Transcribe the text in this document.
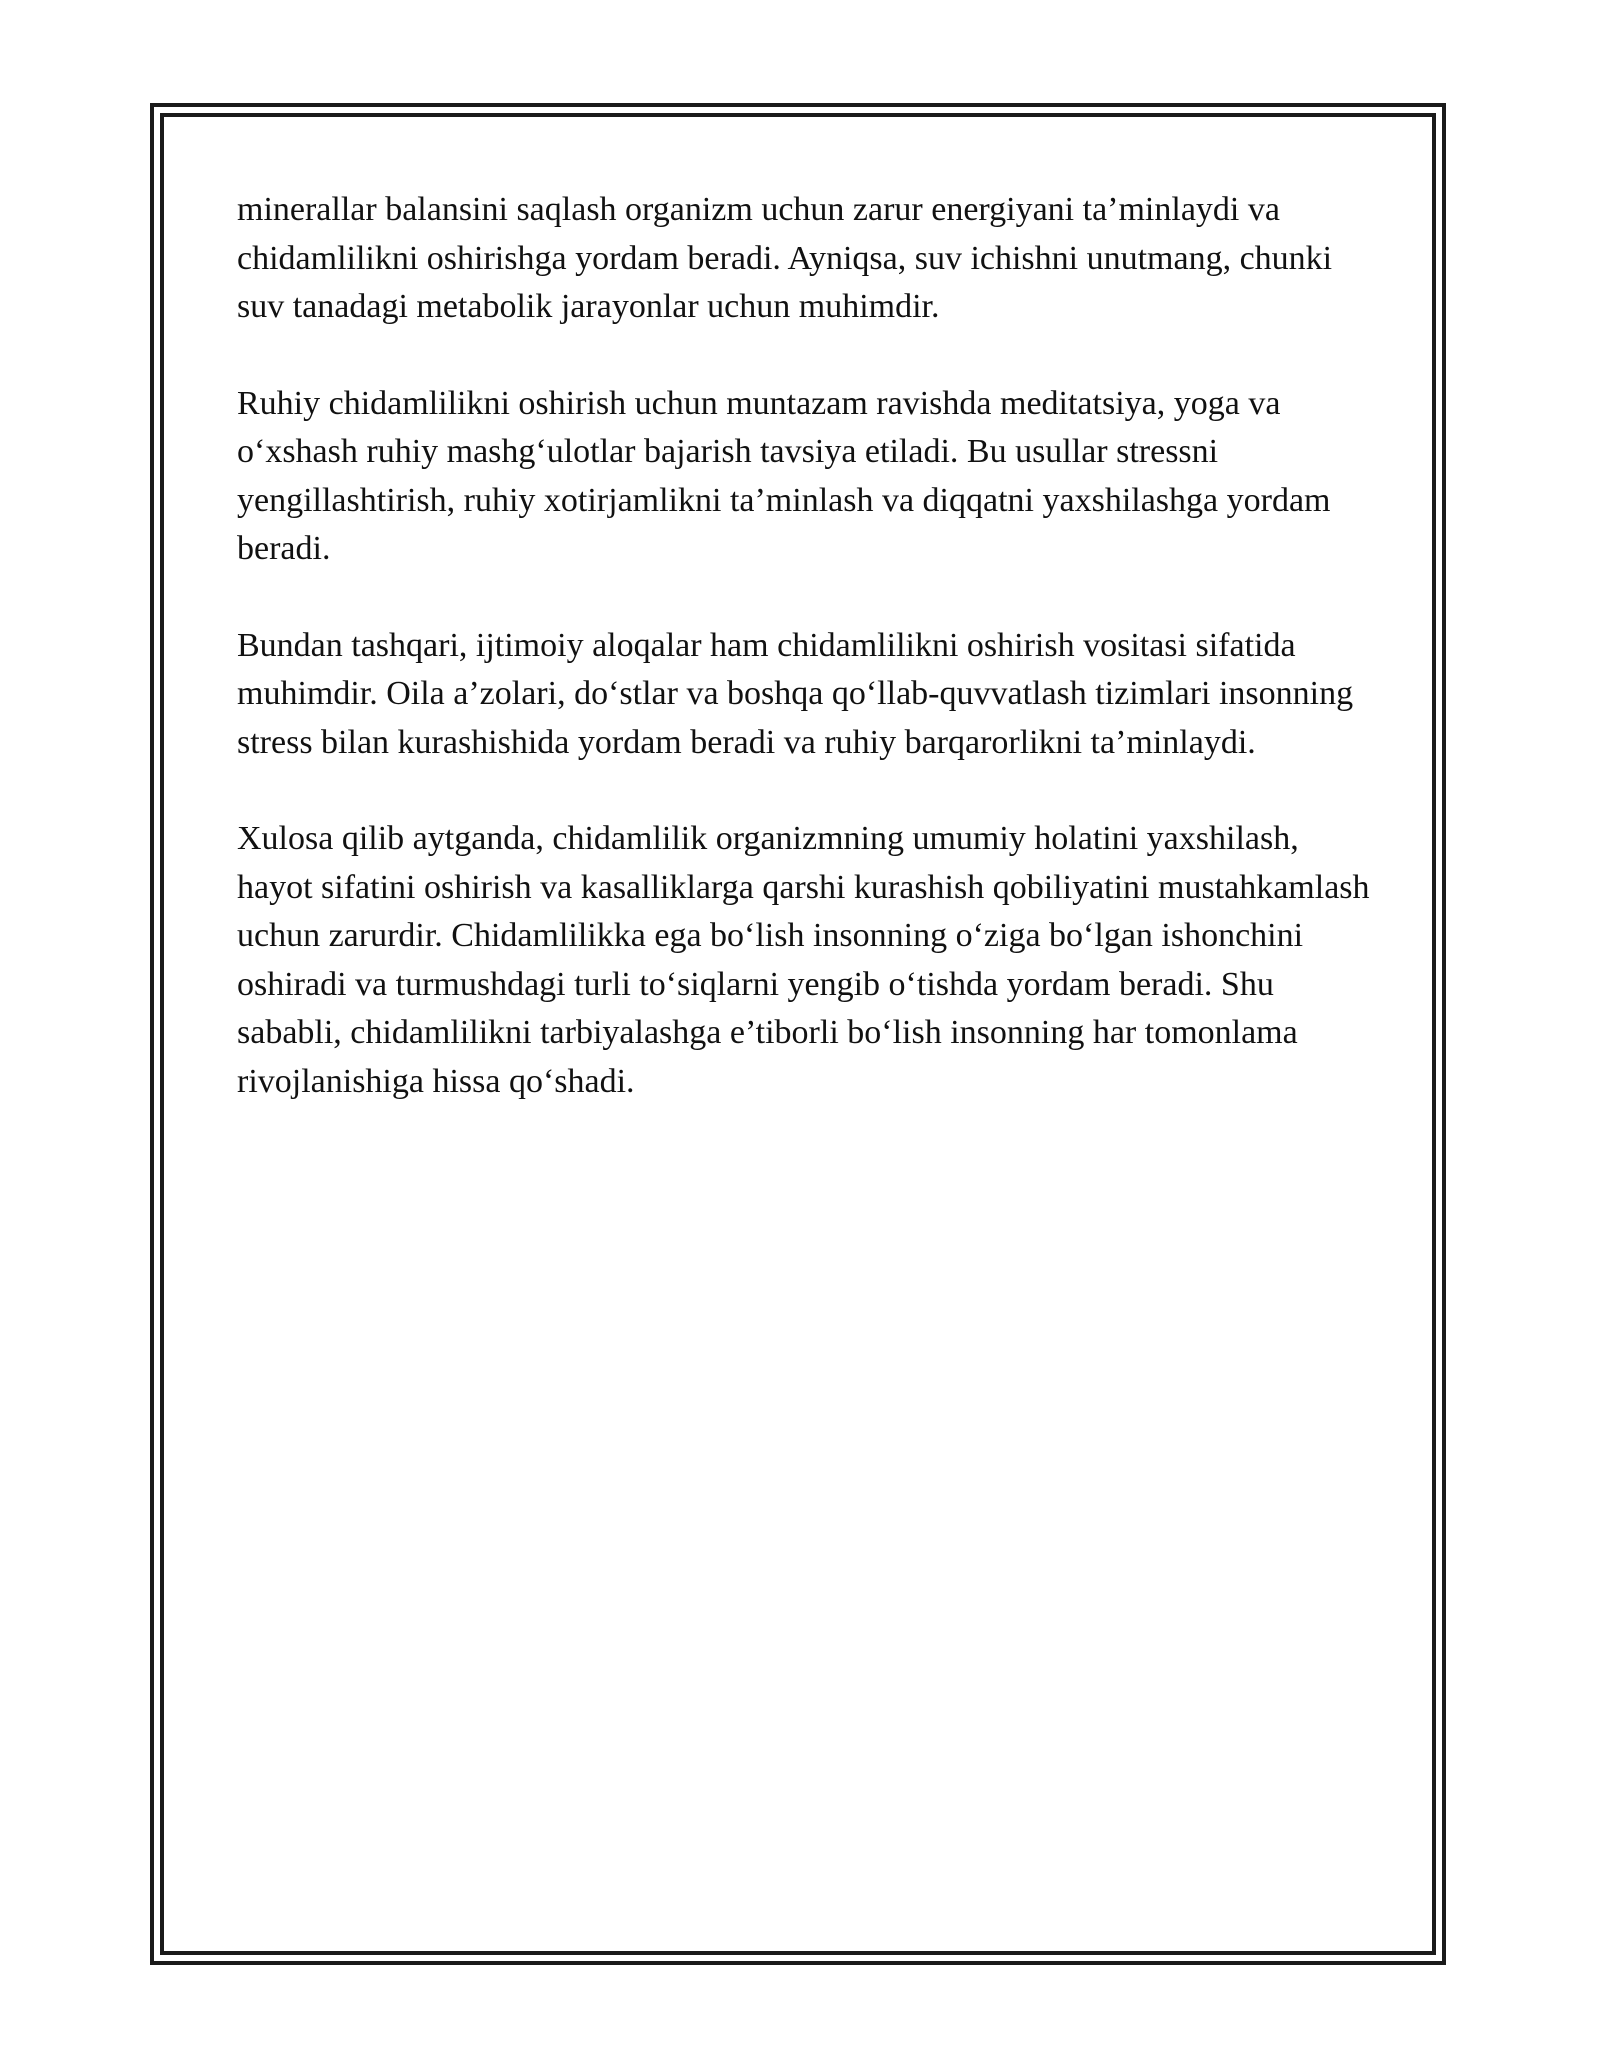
minerallar balansini saqlash organizm uchun zarur energiyani ta’minlaydi va chidamlilikni oshirishga yordam beradi. Ayniqsa, suv ichishni unutmang, chunki suv tanadagi metabolik jarayonlar uchun muhimdir.

Ruhiy chidamlilikni oshirish uchun muntazam ravishda meditatsiya, yoga va o‘xshash ruhiy mashg‘ulotlar bajarish tavsiya etiladi. Bu usullar stressni yengillashtirish, ruhiy xotirjamlikni ta’minlash va diqqatni yaxshilashga yordam beradi.

Bundan tashqari, ijtimoiy aloqalar ham chidamlilikni oshirish vositasi sifatida muhimdir. Oila a’zolari, do‘stlar va boshqa qo‘llab-quvvatlash tizimlari insonning stress bilan kurashishida yordam beradi va ruhiy barqarorlikni ta’minlaydi.

Xulosa qilib aytganda, chidamlilik organizmning umumiy holatini yaxshilash, hayot sifatini oshirish va kasalliklarga qarshi kurashish qobiliyatini mustahkamlash uchun zarurdir. Chidamlilikka ega bo‘lish insonning o‘ziga bo‘lgan ishonchini oshiradi va turmushdagi turli to‘siqlarni yengib o‘tishda yordam beradi. Shu sababli, chidamlilikni tarbiyalashga e’tiborli bo‘lish insonning har tomonlama rivojlanishiga hissa qo‘shadi.
